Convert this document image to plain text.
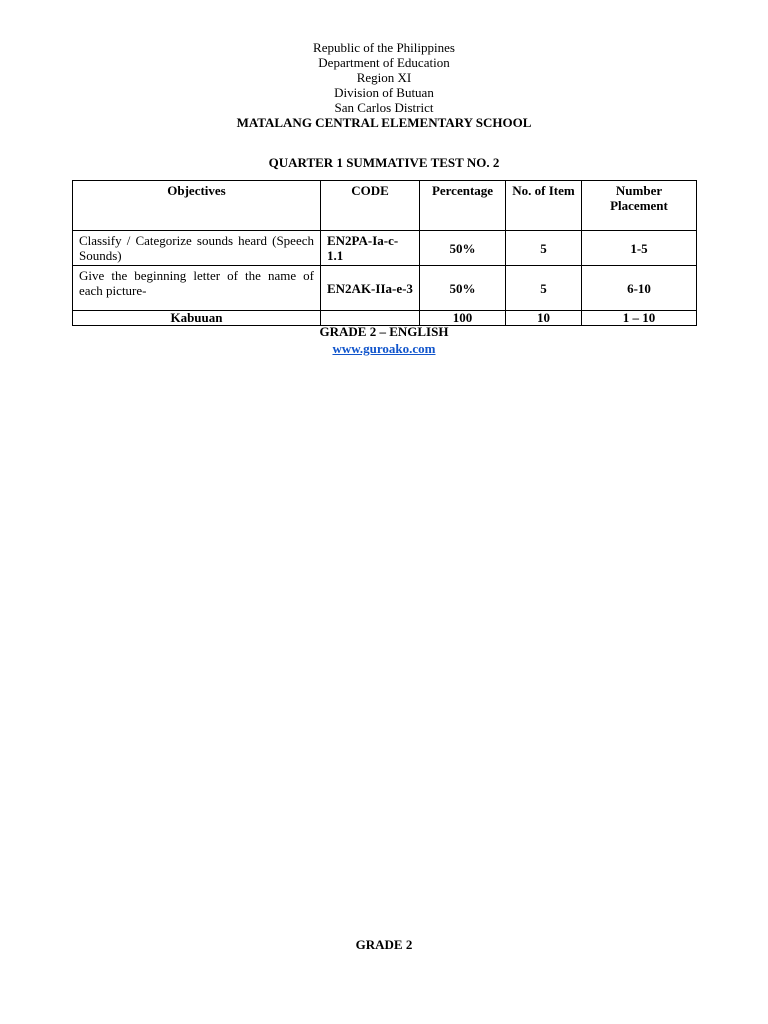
Republic of the Philippines
Department of Education
Region XI
Division of Butuan
San Carlos District
MATALANG CENTRAL ELEMENTARY SCHOOL
QUARTER 1 SUMMATIVE TEST NO. 2
Objectives	CODE	Percentage	No. of Item	Number Placement
Classify / Categorize sounds heard (Speech Sounds)	EN2PA-Ia-c-1.1	50%	5	1-5
Give the beginning letter of the name of each picture-	EN2AK-IIa-e-3	50%	5	6-10
Kabuuan		100	10	1 – 10
GRADE 2 – ENGLISH
www.guroako.com
GRADE 2
